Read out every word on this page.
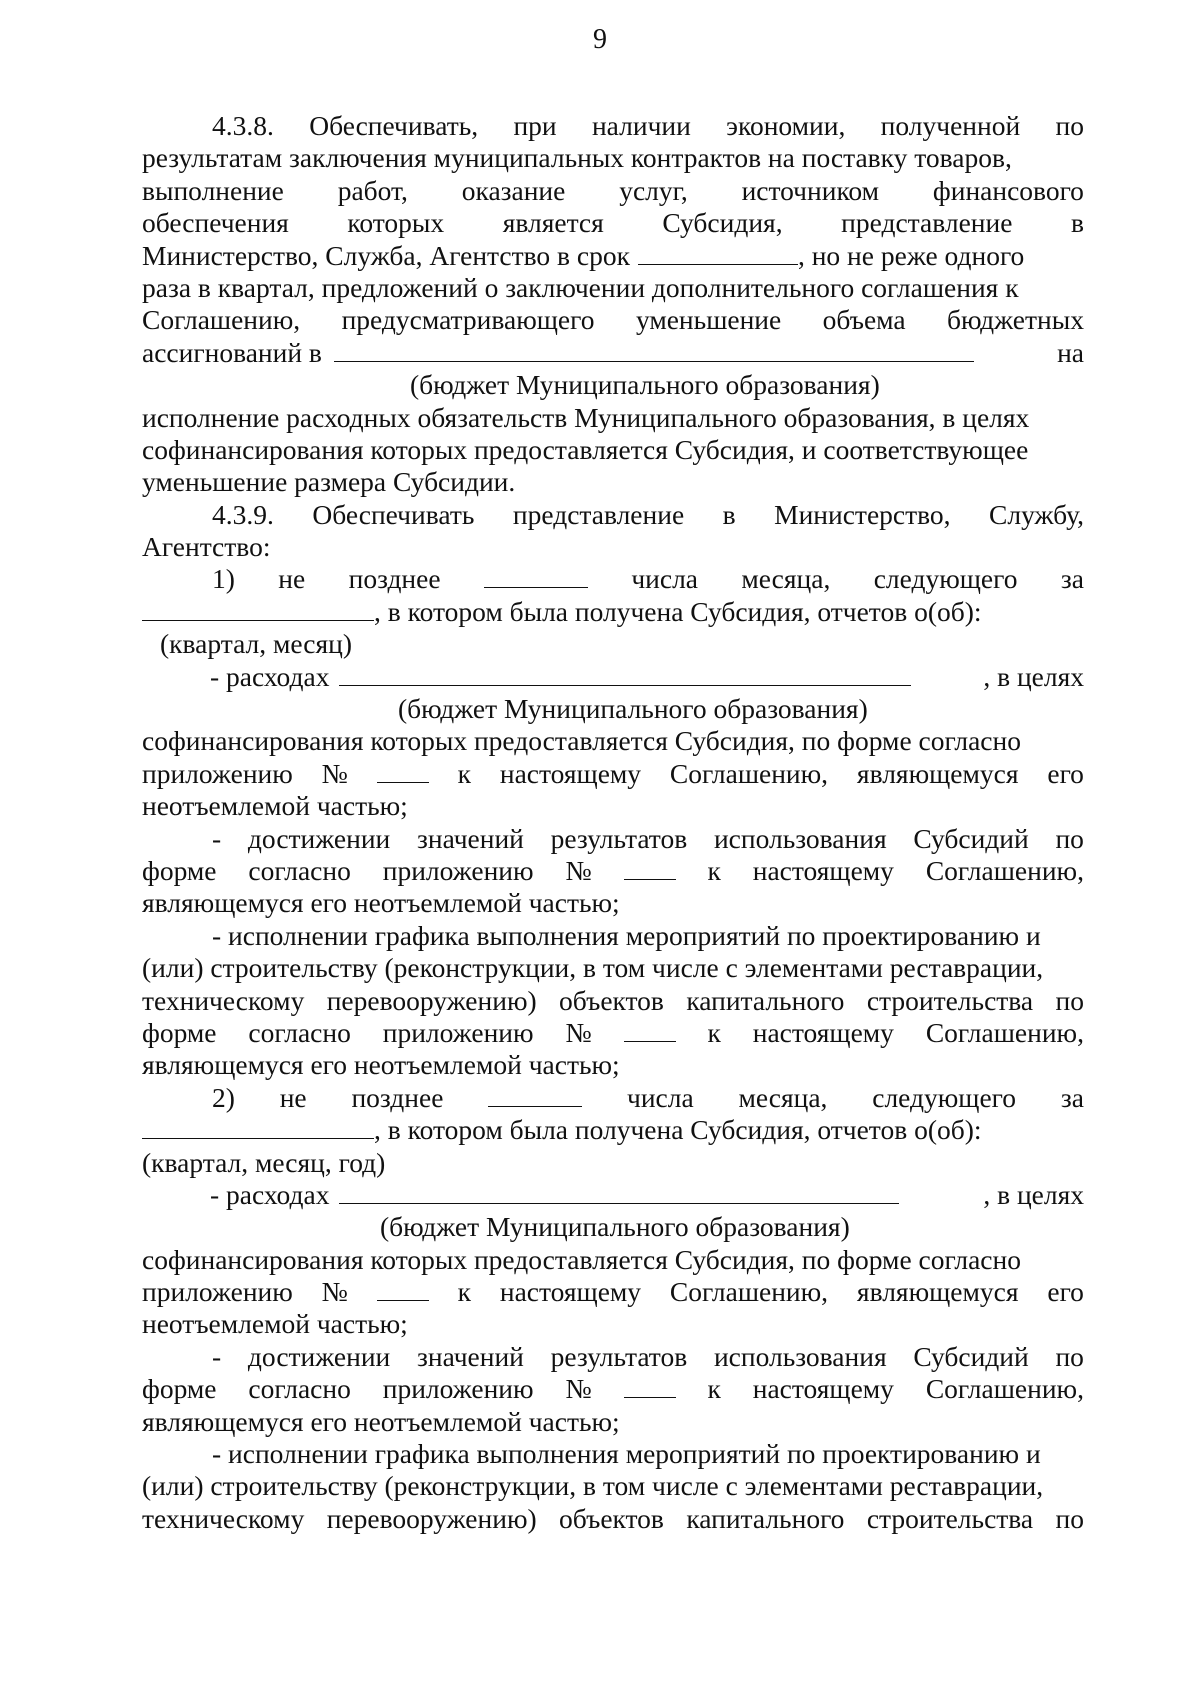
9
4.3.8. Обеспечивать, при наличии экономии, полученной по
результатам заключения муниципальных контрактов на поставку товаров,
выполнение работ, оказание услуг, источником финансового
обеспечения которых является Субсидия, представление в
Министерство, Служба, Агентство в срок	, но не реже одного
раза в квартал, предложений о заключении дополнительного соглашения к
Соглашению, предусматривающего уменьшение объема бюджетных
ассигнований в	на
(бюджет Муниципального образования)
исполнение расходных обязательств Муниципального образования, в целях
софинансирования которых предоставляется Субсидия, и соответствующее
уменьшение размера Субсидии.
4.3.9. Обеспечивать представление в Министерство, Службу,
Агентство:
1) не позднее	числа месяца, следующего за
, в котором была получена Субсидия, отчетов о(об):
(квартал, месяц)
- расходах	, в целях
(бюджет Муниципального образования)
софинансирования которых предоставляется Субсидия, по форме согласно
приложению №	к настоящему Соглашению, являющемуся его
неотъемлемой частью;
- достижении значений результатов использования Субсидий по
форме согласно приложению №	к настоящему Соглашению,
являющемуся его неотъемлемой частью;
- исполнении графика выполнения мероприятий по проектированию и
(или) строительству (реконструкции, в том числе с элементами реставрации,
техническому перевооружению) объектов капитального строительства по
форме согласно приложению №	к настоящему Соглашению,
являющемуся его неотъемлемой частью;
2) не позднее	числа месяца, следующего за
, в котором была получена Субсидия, отчетов о(об):
(квартал, месяц, год)
- расходах	, в целях
(бюджет Муниципального образования)
софинансирования которых предоставляется Субсидия, по форме согласно
приложению №	к настоящему Соглашению, являющемуся его
неотъемлемой частью;
- достижении значений результатов использования Субсидий по
форме согласно приложению №	к настоящему Соглашению,
являющемуся его неотъемлемой частью;
- исполнении графика выполнения мероприятий по проектированию и
(или) строительству (реконструкции, в том числе с элементами реставрации,
техническому перевооружению) объектов капитального строительства по
